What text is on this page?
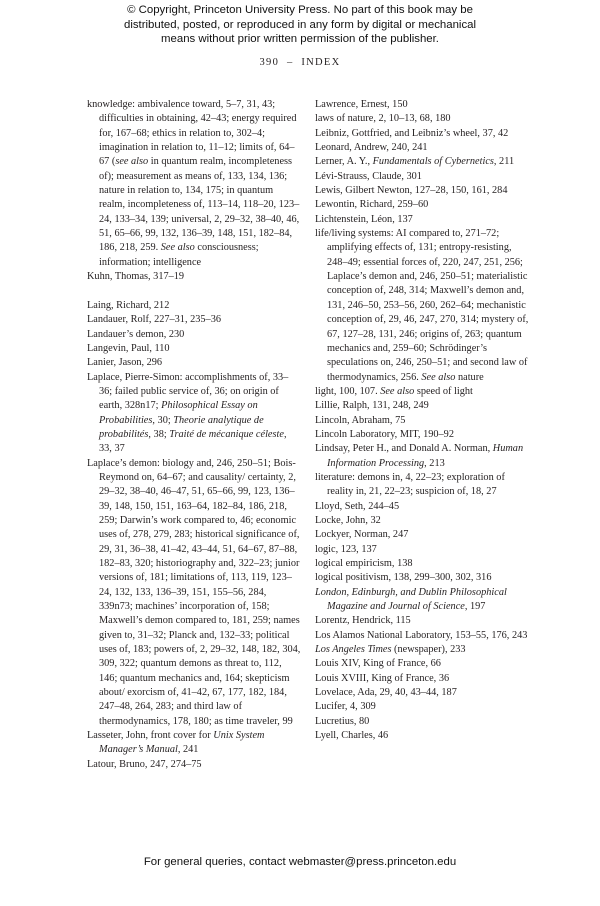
© Copyright, Princeton University Press. No part of this book may be
distributed, posted, or reproduced in any form by digital or mechanical
means without prior written permission of the publisher.
390  –  INDEX
knowledge: ambivalence toward, 5–7, 31, 43; difficulties in obtaining, 42–43; energy required for, 167–68; ethics in relation to, 302–4; imagination in relation to, 11–12; limits of, 64–67 (see also in quantum realm, incompleteness of); measurement as means of, 133, 134, 136; nature in relation to, 134, 175; in quantum realm, incompleteness of, 113–14, 118–20, 123–24, 133–34, 139; universal, 2, 29–32, 38–40, 46, 51, 65–66, 99, 132, 136–39, 148, 151, 182–84, 186, 218, 259. See also consciousness; information; intelligence
Kuhn, Thomas, 317–19
Laing, Richard, 212
Landauer, Rolf, 227–31, 235–36
Landauer’s demon, 230
Langevin, Paul, 110
Lanier, Jason, 296
Laplace, Pierre-Simon: accomplishments of, 33–36; failed public service of, 36; on origin of earth, 328n17; Philosophical Essay on Probabilities, 30; Theorie analytique de probabilités, 38; Traité de mécanique céleste, 33, 37
Laplace’s demon: biology and, 246, 250–51; Bois-Reymond on, 64–67; and causality/ certainty, 2, 29–32, 38–40, 46–47, 51, 65–66, 99, 123, 136–39, 148, 150, 151, 163–64, 182–84, 186, 218, 259; Darwin’s work compared to, 46; economic uses of, 278, 279, 283; historical significance of, 29, 31, 36–38, 41–42, 43–44, 51, 64–67, 87–88, 182–83, 320; historiography and, 322–23; junior versions of, 181; limitations of, 113, 119, 123–24, 132, 133, 136–39, 151, 155–56, 284, 339n73; machines’ incorporation of, 158; Maxwell’s demon compared to, 181, 259; names given to, 31–32; Planck and, 132–33; political uses of, 183; powers of, 2, 29–32, 148, 182, 304, 309, 322; quantum demons as threat to, 112, 146; quantum mechanics and, 164; skepticism about/ exorcism of, 41–42, 67, 177, 182, 184, 247–48, 264, 283; and third law of thermodynamics, 178, 180; as time traveler, 99
Lasseter, John, front cover for Unix System Manager’s Manual, 241
Latour, Bruno, 247, 274–75
Lawrence, Ernest, 150
laws of nature, 2, 10–13, 68, 180
Leibniz, Gottfried, and Leibniz’s wheel, 37, 42
Leonard, Andrew, 240, 241
Lerner, A. Y., Fundamentals of Cybernetics, 211
Lévi-Strauss, Claude, 301
Lewis, Gilbert Newton, 127–28, 150, 161, 284
Lewontin, Richard, 259–60
Lichtenstein, Léon, 137
life/living systems: AI compared to, 271–72; amplifying effects of, 131; entropy-resisting, 248–49; essential forces of, 220, 247, 251, 256; Laplace’s demon and, 246, 250–51; materialistic conception of, 248, 314; Maxwell’s demon and, 131, 246–50, 253–56, 260, 262–64; mechanistic conception of, 29, 46, 247, 270, 314; mystery of, 67, 127–28, 131, 246; origins of, 263; quantum mechanics and, 259–60; Schrödinger’s speculations on, 246, 250–51; and second law of thermodynamics, 256. See also nature
light, 100, 107. See also speed of light
Lillie, Ralph, 131, 248, 249
Lincoln, Abraham, 75
Lincoln Laboratory, MIT, 190–92
Lindsay, Peter H., and Donald A. Norman, Human Information Processing, 213
literature: demons in, 4, 22–23; exploration of reality in, 21, 22–23; suspicion of, 18, 27
Lloyd, Seth, 244–45
Locke, John, 32
Lockyer, Norman, 247
logic, 123, 137
logical empiricism, 138
logical positivism, 138, 299–300, 302, 316
London, Edinburgh, and Dublin Philosophical Magazine and Journal of Science, 197
Lorentz, Hendrick, 115
Los Alamos National Laboratory, 153–55, 176, 243
Los Angeles Times (newspaper), 233
Louis XIV, King of France, 66
Louis XVIII, King of France, 36
Lovelace, Ada, 29, 40, 43–44, 187
Lucifer, 4, 309
Lucretius, 80
Lyell, Charles, 46
For general queries, contact webmaster@press.princeton.edu
